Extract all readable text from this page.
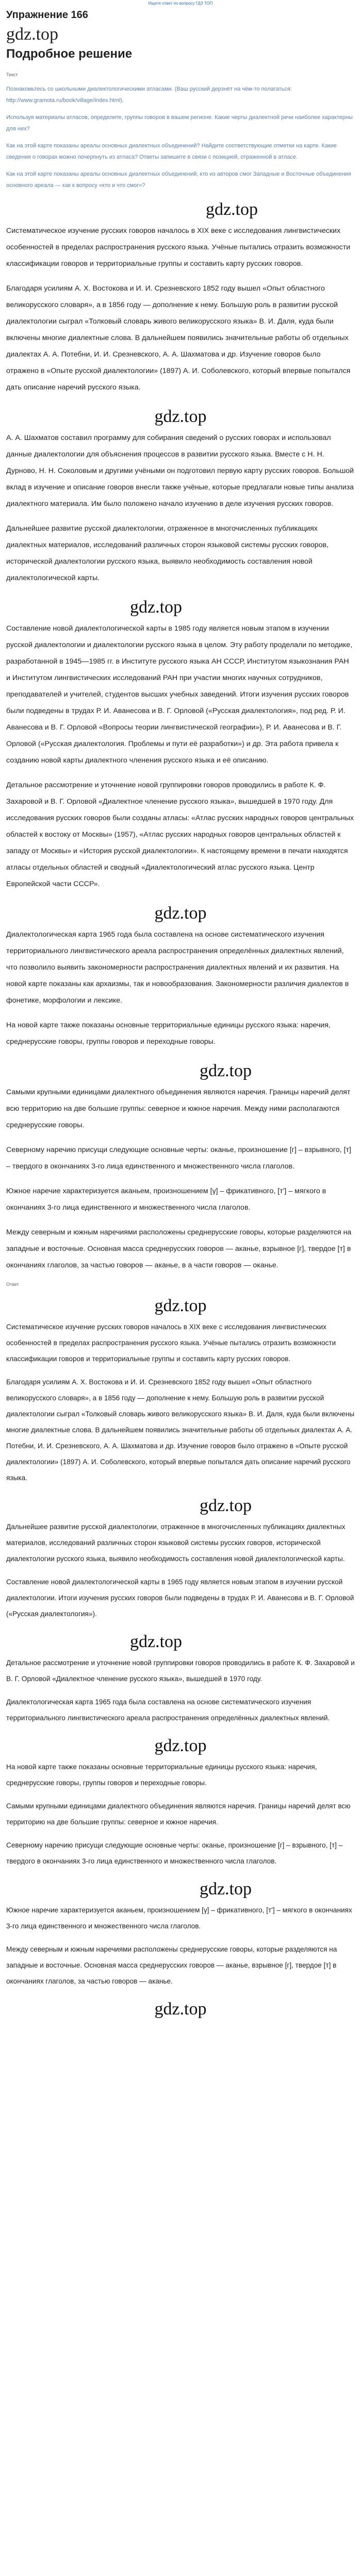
Ищете ответ по вопросу ГДЗ ТОП
Упражнение 166
gdz.top
Подробное решение
Текст

Познакомьтесь со школьными диалектологическими атласами. (Ваш русский дерзнёт на чём-то полагаться: http://www.gramota.ru/book/village/index.html).

Используя материалы атласов, определите, группы говоров в вашем регионе. Какие черты диалектной речи наиболее характерны для них?

Как на этой карте показаны ареалы основных диалектных объединений? Найдите соответствующие отметки на карте. Какие сведения о говорах можно почерпнуть из атласа? Ответы запишите в связи с позицией, отраженной в атласе.

Как на этой карте показаны ареалы основных диалектных объединений, кто из авторов смог Западные и Восточные объединения основного ареала — как к вопросу «кто и что смог»?

gdz.top

Систематическое изучение русских говоров началось в XIX веке с исследования лингвистических особенностей в пределах распространения русского языка. Учёные пытались отразить возможности классификации говоров и территориальные группы и составить карту русских говоров.

Благодаря усилиям А. Х. Востокова и И. И. Срезневского 1852 году вышел «Опыт областного великорусского словаря», а в 1856 году — дополнение к нему. Большую роль в развитии русской диалектологии сыграл «Толковый словарь живого великорусского языка» В. И. Даля, куда были включены многие диалектные слова. В дальнейшем появились значительные работы об отдельных диалектах А. А. Потебни, И. И. Срезневского, А. А. Шахматова и др. Изучение говоров было отражено в «Опыте русской диалектологии» (1897) А. И. Соболевского, который впервые попытался дать описание наречий русского языка.

gdz.top

А. А. Шахматов составил программу для собирания сведений о русских говорах и использовал данные диалектологии для объяснения процессов в развитии русского языка. Вместе с Н. Н. Дурново, Н. Н. Соколовым и другими учёными он подготовил первую карту русских говоров. Большой вклад в изучение и описание говоров внесли также учёные, которые предлагали новые типы анализа диалектного материала. Им было положено начало изучению в деле изучения русских говоров.

Дальнейшее развитие русской диалектологии, отраженное в многочисленных публикациях диалектных материалов, исследований различных сторон языковой системы русских говоров, исторической диалектологии русского языка, выявило необходимость составления новой диалектологической карты.

gdz.top

Составление новой диалектологической карты в 1985 году является новым этапом в изучении русской диалектологии и диалектологии русского языка в целом. Эту работу проделали по методике, разработанной в 1945—1985 гг. в Институте русского языка АН СССР, Институтом языкознания РАН и Институтом лингвистических исследований РАН при участии многих научных сотрудников, преподавателей и учителей, студентов высших учебных заведений. Итоги изучения русских говоров были подведены в трудах Р. И. Аванесова и В. Г. Орловой («Русская диалектология», под ред. Р. И. Аванесова и В. Г. Орловой «Вопросы теории лингвистической географии»), Р. И. Аванесова и В. Г. Орловой («Русская диалектология. Проблемы и пути её разработки») и др. Эта работа привела к созданию новой карты диалектного членения русского языка и её описанию.

Детальное рассмотрение и уточнение новой группировки говоров проводились в работе К. Ф. Захаровой и В. Г. Орловой «Диалектное членение русского языка», вышедшей в 1970 году. Для исследования русских говоров были созданы атласы: «Атлас русских народных говоров центральных областей к востоку от Москвы» (1957), «Атлас русских народных говоров центральных областей к западу от Москвы» и «История русской диалектологии». К настоящему времени в печати находятся атласы отдельных областей и сводный «Диалектологический атлас русского языка. Центр Европейской части СССР».

gdz.top

Диалектологическая карта 1965 года была составлена на основе систематического изучения территориального лингвистического ареала распространения определённых диалектных явлений, что позволило выявить закономерности распространения диалектных явлений и их развития. На новой карте показаны как архаизмы, так и новообразования. Закономерности различия диалектов в фонетике, морфологии и лексике.

На новой карте также показаны основные территориальные единицы русского языка: наречия, среднерусские говоры, группы говоров и переходные говоры.

gdz.top

Самыми крупными единицами диалектного объединения являются наречия. Границы наречий делят всю территорию на две большие группы: северное и южное наречия. Между ними располагаются среднерусские говоры.

Северному наречию присущи следующие основные черты: оканье, произношение [г] – взрывного, [т] – твердого в окончаниях 3-го лица единственного и множественного числа глаголов.

Южное наречие характеризуется аканьем, произношением [γ] – фрикативного, [т'] – мягкого в окончаниях 3-го лица единственного и множественного числа глаголов.

Между северным и южным наречиями расположены среднерусские говоры, которые разделяются на западные и восточные. Основная масса среднерусских говоров — аканье, взрывное [г], твердое [т] в окончаниях глаголов, за частью говоров — аканье, в а части говоров — оканье.

Ответ
gdz.top

Систематическое изучение русских говоров началось в XIX веке с исследования лингвистических особенностей в пределах распространения русского языка. Учёные пытались отразить возможности классификации говоров и территориальные группы и составить карту русских говоров.

Благодаря усилиям А. Х. Востокова и И. И. Срезневского 1852 году вышел «Опыт областного великорусского словаря», а в 1856 году — дополнение к нему. Большую роль в развитии русской диалектологии сыграл «Толковый словарь живого великорусского языка» В. И. Даля, куда были включены многие диалектные слова. В дальнейшем появились значительные работы об отдельных диалектах А. А. Потебни, И. И. Срезневского, А. А. Шахматова и др. Изучение говоров было отражено в «Опыте русской диалектологии» (1897) А. И. Соболевского, который впервые попытался дать описание наречий русского языка.

gdz.top

Дальнейшее развитие русской диалектологии, отраженное в многочисленных публикациях диалектных материалов, исследований различных сторон языковой системы русских говоров, исторической диалектологии русского языка, выявило необходимость составления новой диалектологической карты.

Составление новой диалектологической карты в 1965 году является новым этапом в изучении русской диалектологии. Итоги изучения русских говоров были подведены в трудах Р. И. Аванесова и В. Г. Орловой («Русская диалектология»).

gdz.top

Детальное рассмотрение и уточнение новой группировки говоров проводились в работе К. Ф. Захаровой и В. Г. Орловой «Диалектное членение русского языка», вышедшей в 1970 году.

Диалектологическая карта 1965 года была составлена на основе систематического изучения территориального лингвистического ареала распространения определённых диалектных явлений.

gdz.top

На новой карте также показаны основные территориальные единицы русского языка: наречия, среднерусские говоры, группы говоров и переходные говоры.

Самыми крупными единицами диалектного объединения являются наречия. Границы наречий делят всю территорию на две большие группы: северное и южное наречия.

Северному наречию присущи следующие основные черты: оканье, произношение [г] – взрывного, [т] – твердого в окончаниях 3-го лица единственного и множественного числа глаголов.

gdz.top

Южное наречие характеризуется аканьем, произношением [γ] – фрикативного, [т'] – мягкого в окончаниях 3-го лица единственного и множественного числа глаголов.

Между северным и южным наречиями расположены среднерусские говоры, которые разделяются на западные и восточные. Основная масса среднерусских говоров — аканье, взрывное [г], твердое [т] в окончаниях глаголов, за частью говоров — аканье.

gdz.top
